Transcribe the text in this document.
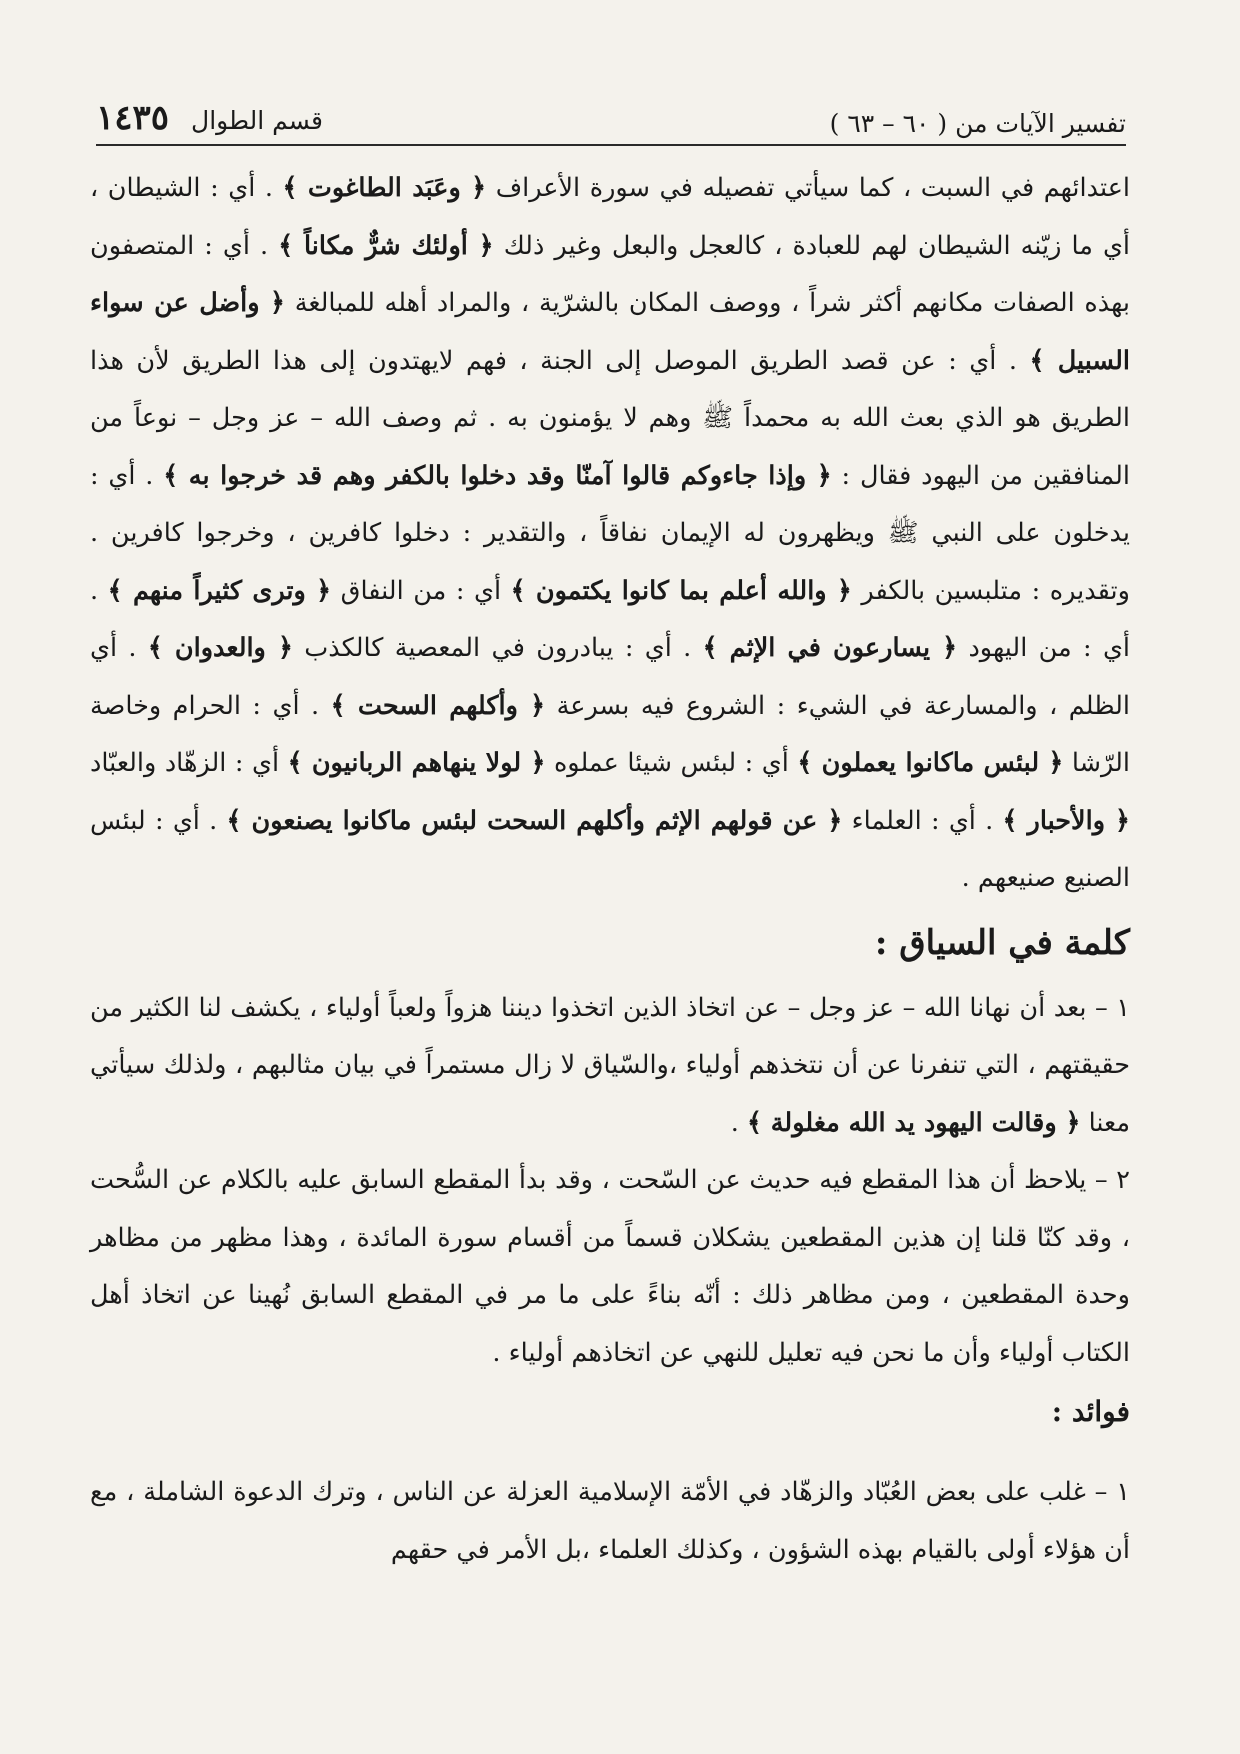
تفسير الآيات من ( ٦٠ – ٦٣ )
قسم الطوال
١٤٣٥

اعتدائهم في السبت ، كما سيأتي تفصيله في سورة الأعراف ﴿ وعَبَد الطاغوت ﴾ . أي : الشيطان ، أي ما زيّنه الشيطان لهم للعبادة ، كالعجل والبعل وغير ذلك ﴿ أولئك شرٌّ مكاناً ﴾ . أي : المتصفون بهذه الصفات مكانهم أكثر شراً ، ووصف المكان بالشرّية ، والمراد أهله للمبالغة ﴿ وأضل عن سواء السبيل ﴾ . أي : عن قصد الطريق الموصل إلى الجنة ، فهم لايهتدون إلى هذا الطريق لأن هذا الطريق هو الذي بعث الله به محمداً ﷺ وهم لا يؤمنون به . ثم وصف الله – عز وجل – نوعاً من المنافقين من اليهود فقال : ﴿ وإذا جاءوكم قالوا آمنّا وقد دخلوا بالكفر وهم قد خرجوا به ﴾ . أي : يدخلون على النبي ﷺ ويظهرون له الإيمان نفاقاً ، والتقدير : دخلوا كافرين ، وخرجوا كافرين . وتقديره : متلبسين بالكفر ﴿ والله أعلم بما كانوا يكتمون ﴾ أي : من النفاق ﴿ وترى كثيراً منهم ﴾ . أي : من اليهود ﴿ يسارعون في الإثم ﴾ . أي : يبادرون في المعصية كالكذب ﴿ والعدوان ﴾ . أي الظلم ، والمسارعة في الشيء : الشروع فيه بسرعة ﴿ وأكلهم السحت ﴾ . أي : الحرام وخاصة الرّشا ﴿ لبئس ماكانوا يعملون ﴾ أي : لبئس شيئا عملوه ﴿ لولا ينهاهم الربانيون ﴾ أي : الزهّاد والعبّاد ﴿ والأحبار ﴾ . أي : العلماء ﴿ عن قولهم الإثم وأكلهم السحت لبئس ماكانوا يصنعون ﴾ . أي : لبئس الصنيع صنيعهم .

كلمة في السياق :

١ – بعد أن نهانا الله – عز وجل – عن اتخاذ الذين اتخذوا ديننا هزواً ولعباً أولياء ، يكشف لنا الكثير من حقيقتهم ، التي تنفرنا عن أن نتخذهم أولياء ،والسّياق لا زال مستمراً في بيان مثالبهم ، ولذلك سيأتي معنا ﴿ وقالت اليهود يد الله مغلولة ﴾ .

٢ – يلاحظ أن هذا المقطع فيه حديث عن السّحت ، وقد بدأ المقطع السابق عليه بالكلام عن السُّحت ، وقد كنّا قلنا إن هذين المقطعين يشكلان قسماً من أقسام سورة المائدة ، وهذا مظهر من مظاهر وحدة المقطعين ، ومن مظاهر ذلك : أنّه بناءً على ما مر في المقطع السابق نُهينا عن اتخاذ أهل الكتاب أولياء وأن ما نحن فيه تعليل للنهي عن اتخاذهم أولياء .

فوائد :

١ – غلب على بعض العُبّاد والزهّاد في الأمّة الإسلامية العزلة عن الناس ، وترك الدعوة الشاملة ، مع أن هؤلاء أولى بالقيام بهذه الشؤون ، وكذلك العلماء ،بل الأمر في حقهم
